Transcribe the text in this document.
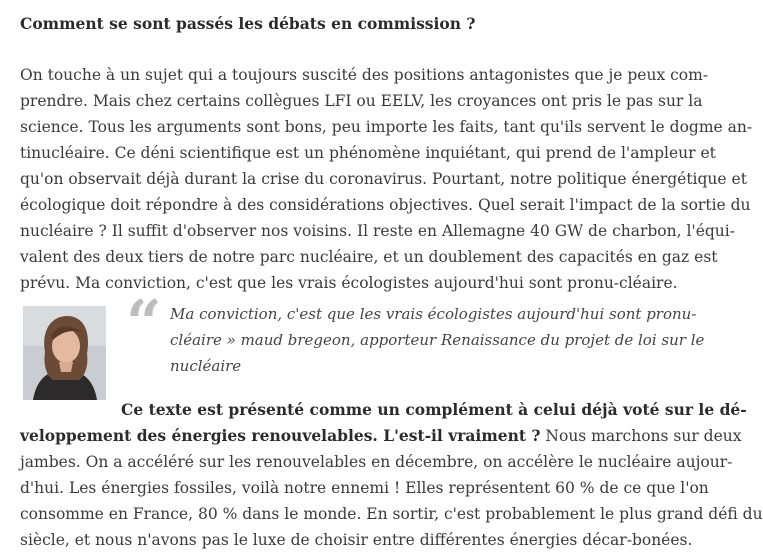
Comment se sont passés les débats en commission ?
On touche à un sujet qui a toujours suscité des positions antagonistes que je peux com-
prendre. Mais chez certains collègues LFI ou EELV, les croyances ont pris le pas sur la
science. Tous les arguments sont bons, peu importe les faits, tant qu'ils servent le dogme an-
tinucléaire. Ce déni scientifique est un phénomène inquiétant, qui prend de l'ampleur et
qu'on observait déjà durant la crise du coronavirus. Pourtant, notre politique énergétique et
écologique doit répondre à des considérations objectives. Quel serait l'impact de la sortie du
nucléaire ? Il suffit d'observer nos voisins. Il reste en Allemagne 40 GW de charbon, l'équi-
valent des deux tiers de notre parc nucléaire, et un doublement des capacités en gaz est
prévu. Ma conviction, c'est que les vrais écologistes aujourd'hui sont pronu-cléaire.
“ Ma conviction, c'est que les vrais écologistes aujourd'hui sont pronu-
cléaire » maud bregeon, apporteur Renaissance du projet de loi sur le
nucléaire
Ce texte est présenté comme un complément à celui déjà voté sur le dé-
veloppement des énergies renouvelables. L'est-il vraiment ? Nous marchons sur deux
jambes. On a accéléré sur les renouvelables en décembre, on accélère le nucléaire aujour-
d'hui. Les énergies fossiles, voilà notre ennemi ! Elles représentent 60 % de ce que l'on
consomme en France, 80 % dans le monde. En sortir, c'est probablement le plus grand défi du
siècle, et nous n'avons pas le luxe de choisir entre différentes énergies décar-bonées.
